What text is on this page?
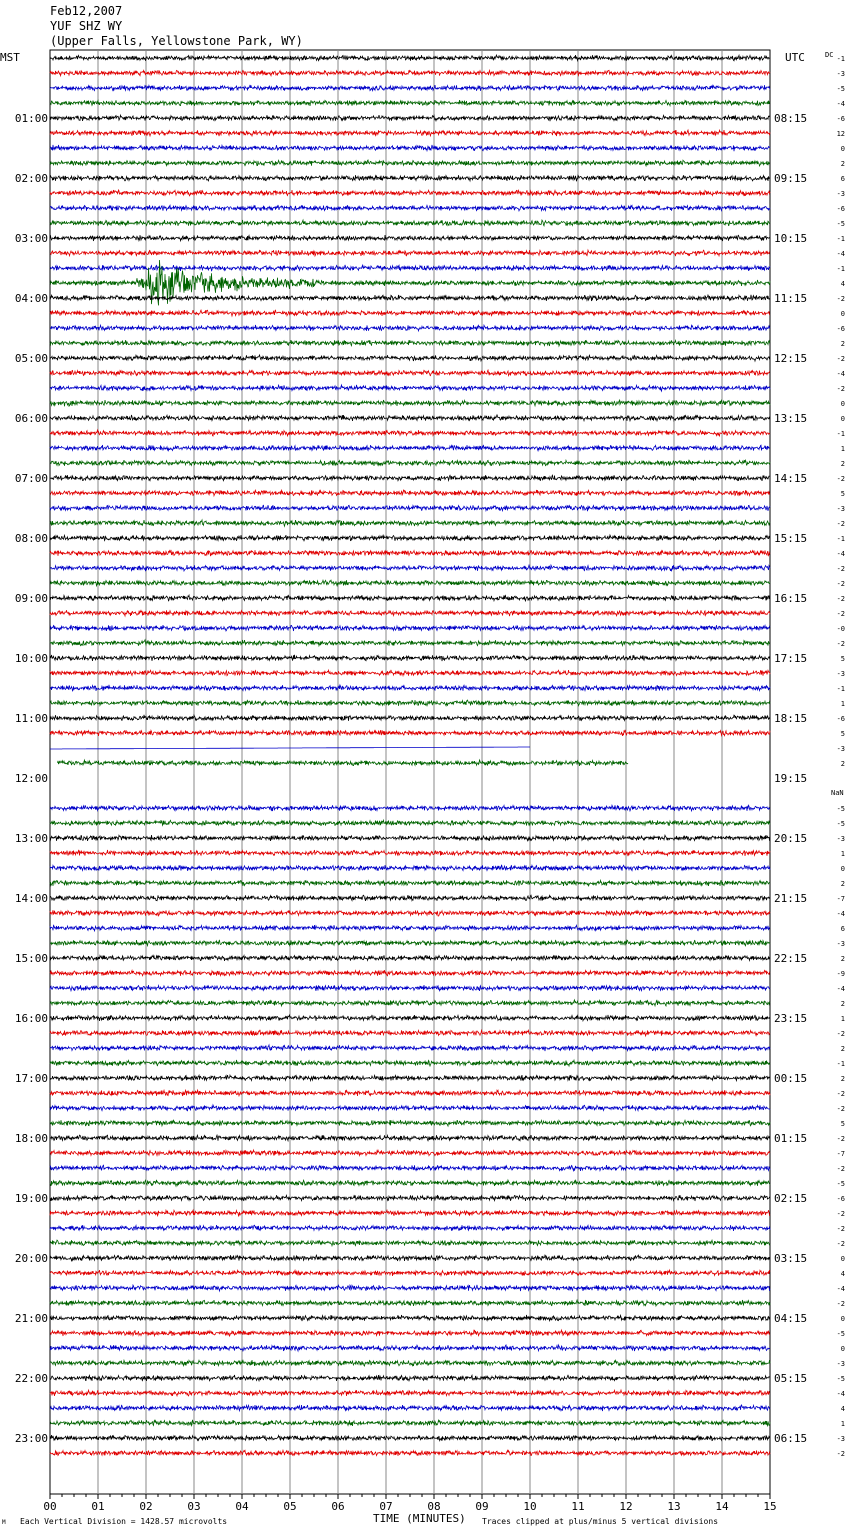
Feb12,2007
YUF SHZ WY
(Upper Falls, Yellowstone Park, WY)
00	01	02	03	04	05	06	07	08	09	10	11	12	13	14	15
-1
-3
-5
-4
-6
12
0
2
6
-3
-6
-5
-1
-4
-1
4
-2
0
-6
2
-2
-4
-2
0
0
-1
1
2
-2
5
-3
-2
-1
-4
-2
-2
-2
-2
-0
-2
5
-3
-1
1
-6
5
-3
2
-5
-5
-3
1
0
2
-7
-4
6
-3
2
-9
-4
2
1
-2
2
-1
2
-2
-2
5
-2
-7
-2
-5
-6
-2
-2
-2
0
4
-4
-2
0
-5
0
-3
-5
-4
4
1
-3
-2
01:00	08:15
02:00	09:15
03:00	10:15
04:00	11:15
05:00	12:15
06:00	13:15
07:00	14:15
08:00	15:15
09:00	16:15
10:00	17:15
11:00	18:15
12:00	19:15
13:00	20:15
14:00	21:15
15:00	22:15
16:00	23:15
17:00	00:15
18:00	01:15
19:00	02:15
20:00	03:15
21:00	04:15
22:00	05:15
23:00	06:15
MST	UTC	DC
NaN
TIME (MINUTES)
M Each Vertical Division = 1428.57 microvolts	Traces clipped at plus/minus 5 vertical divisions
